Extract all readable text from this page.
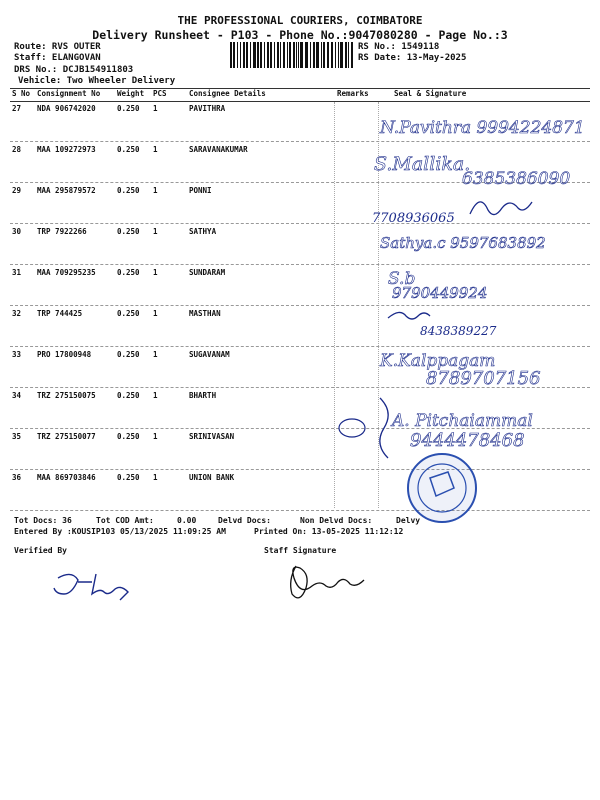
THE PROFESSIONAL COURIERS, COIMBATORE
Delivery Runsheet - P103 - Phone No.:9047080280 - Page No.:3
Route: RVS OUTER
Staff: ELANGOVAN
DRS No.: DCJB154911803
Vehicle: Two Wheeler Delivery
RS No.: 1549118
RS Date: 13-May-2025
S No Consignment No Weight PCS	Consignee Details	Remarks	Seal & Signature
27 NDA 906742020	0.250 1	PAVITHRA
28 MAA 109272973	0.250 1	SARAVANAKUMAR
29 MAA 295879572	0.250 1	PONNI
30 TRP 7922266	0.250 1	SATHYA
31 MAA 709295235	0.250 1	SUNDARAM
32 TRP 744425	0.250 1	MASTHAN
33 PRO 17800948	0.250 1	SUGAVANAM
34 TRZ 275150075	0.250 1	BHARTH
35 TRZ 275150077	0.250 1	SRINIVASAN
36 MAA 869703846	0.250 1	UNION BANK
Tot Docs: 36	Tot COD Amt:	0.00	Delvd Docs:	Non Delvd Docs:	Delvy
Entered By :KOUSIP103 05/13/2025 11:09:25 AM	Printed On: 13-05-2025 11:12:12
Verified By	Staff Signature
N.Pavithra 9994224871
S.Mallika.
6385386090
7708936065
Sathya.c 9597683892
S.b
9790449924
8438389227
K.Kalppagam
8789707156
A. Pitchaiammal
9444478468
